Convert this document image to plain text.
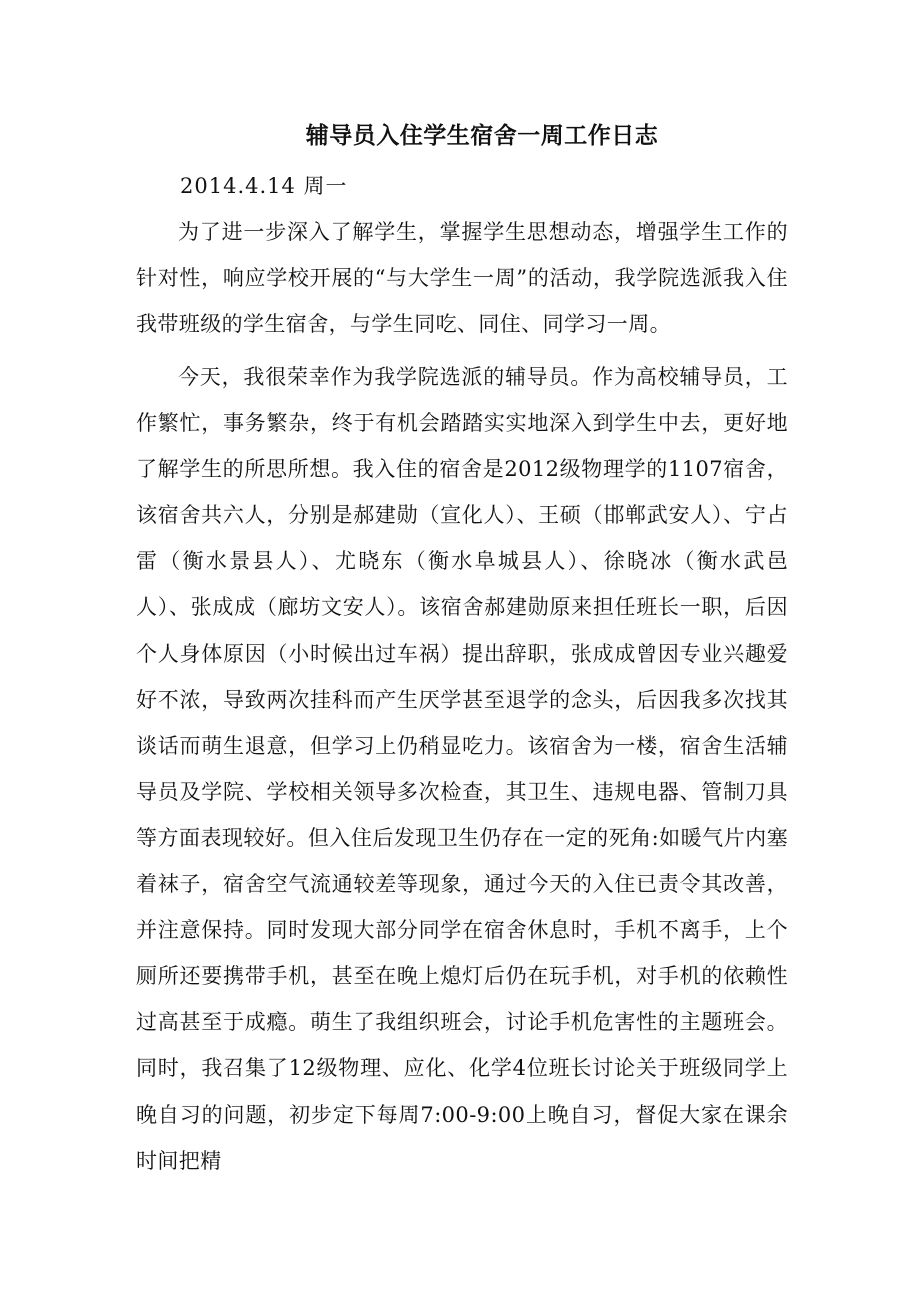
辅导员入住学生宿舍一周工作日志
2014.4.14 周一

为了进一步深入了解学生，掌握学生思想动态，增强学生工作的针对性，响应学校开展的“与大学生一周”的活动，我学院选派我入住我带班级的学生宿舍，与学生同吃、同住、同学习一周。

今天，我很荣幸作为我学院选派的辅导员。作为高校辅导员，工作繁忙，事务繁杂，终于有机会踏踏实实地深入到学生中去，更好地了解学生的所思所想。我入住的宿舍是2012级物理学的1107宿舍，该宿舍共六人，分别是郝建勋（宣化人）、王硕（邯郸武安人）、宁占雷（衡水景县人）、尤晓东（衡水阜城县人）、徐晓冰（衡水武邑人）、张成成（廊坊文安人）。该宿舍郝建勋原来担任班长一职，后因个人身体原因（小时候出过车祸）提出辞职，张成成曾因专业兴趣爱好不浓，导致两次挂科而产生厌学甚至退学的念头，后因我多次找其谈话而萌生退意，但学习上仍稍显吃力。该宿舍为一楼，宿舍生活辅导员及学院、学校相关领导多次检查，其卫生、违规电器、管制刀具等方面表现较好。但入住后发现卫生仍存在一定的死角:如暖气片内塞着袜子，宿舍空气流通较差等现象，通过今天的入住已责令其改善，并注意保持。同时发现大部分同学在宿舍休息时，手机不离手，上个厕所还要携带手机，甚至在晚上熄灯后仍在玩手机，对手机的依赖性过高甚至于成瘾。萌生了我组织班会，讨论手机危害性的主题班会。同时，我召集了12级物理、应化、化学4位班长讨论关于班级同学上晚自习的问题，初步定下每周7:00-9:00上晚自习，督促大家在课余时间把精
